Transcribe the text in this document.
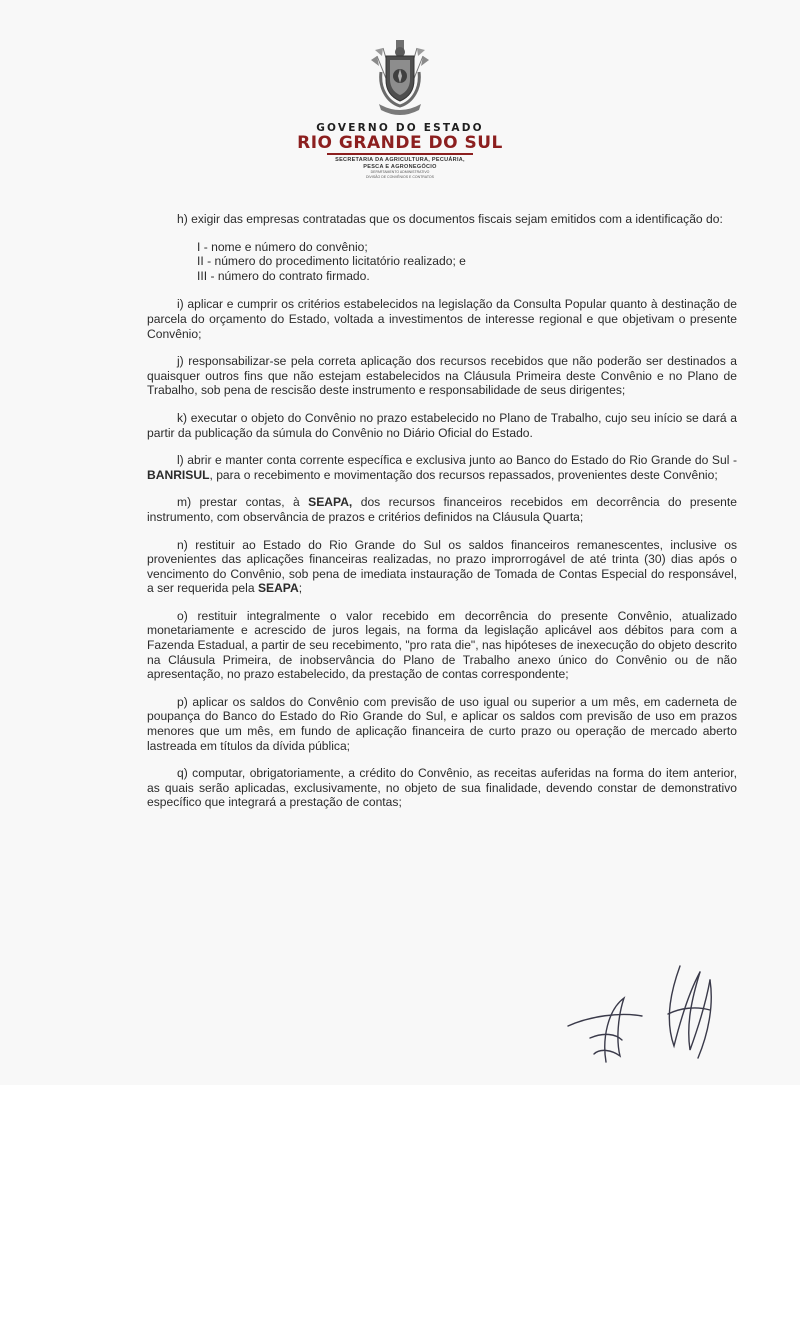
GOVERNO DO ESTADO
RIO GRANDE DO SUL
SECRETARIA DA AGRICULTURA, PECUÁRIA,
PESCA E AGRONEGÓCIO
DEPARTAMENTO ADMINISTRATIVO
DIVISÃO DE CONVÊNIOS E CONTRATOS

h) exigir das empresas contratadas que os documentos fiscais sejam emitidos com a identificação do:

I - nome e número do convênio;
II - número do procedimento licitatório realizado; e
III - número do contrato firmado.

i) aplicar e cumprir os critérios estabelecidos na legislação da Consulta Popular quanto à destinação de parcela do orçamento do Estado, voltada a investimentos de interesse regional e que objetivam o presente Convênio;

j) responsabilizar-se pela correta aplicação dos recursos recebidos que não poderão ser destinados a quaisquer outros fins que não estejam estabelecidos na Cláusula Primeira deste Convênio e no Plano de Trabalho, sob pena de rescisão deste instrumento e responsabilidade de seus dirigentes;

k) executar o objeto do Convênio no prazo estabelecido no Plano de Trabalho, cujo seu início se dará a partir da publicação da súmula do Convênio no Diário Oficial do Estado.

l) abrir e manter conta corrente específica e exclusiva junto ao Banco do Estado do Rio Grande do Sul - BANRISUL, para o recebimento e movimentação dos recursos repassados, provenientes deste Convênio;

m) prestar contas, à SEAPA, dos recursos financeiros recebidos em decorrência do presente instrumento, com observância de prazos e critérios definidos na Cláusula Quarta;

n) restituir ao Estado do Rio Grande do Sul os saldos financeiros remanescentes, inclusive os provenientes das aplicações financeiras realizadas, no prazo improrrogável de até trinta (30) dias após o vencimento do Convênio, sob pena de imediata instauração de Tomada de Contas Especial do responsável, a ser requerida pela SEAPA;

o) restituir integralmente o valor recebido em decorrência do presente Convênio, atualizado monetariamente e acrescido de juros legais, na forma da legislação aplicável aos débitos para com a Fazenda Estadual, a partir de seu recebimento, "pro rata die", nas hipóteses de inexecução do objeto descrito na Cláusula Primeira, de inobservância do Plano de Trabalho anexo único do Convênio ou de não apresentação, no prazo estabelecido, da prestação de contas correspondente;

p) aplicar os saldos do Convênio com previsão de uso igual ou superior a um mês, em caderneta de poupança do Banco do Estado do Rio Grande do Sul, e aplicar os saldos com previsão de uso em prazos menores que um mês, em fundo de aplicação financeira de curto prazo ou operação de mercado aberto lastreada em títulos da dívida pública;

q) computar, obrigatoriamente, a crédito do Convênio, as receitas auferidas na forma do item anterior, as quais serão aplicadas, exclusivamente, no objeto de sua finalidade, devendo constar de demonstrativo específico que integrará a prestação de contas;
